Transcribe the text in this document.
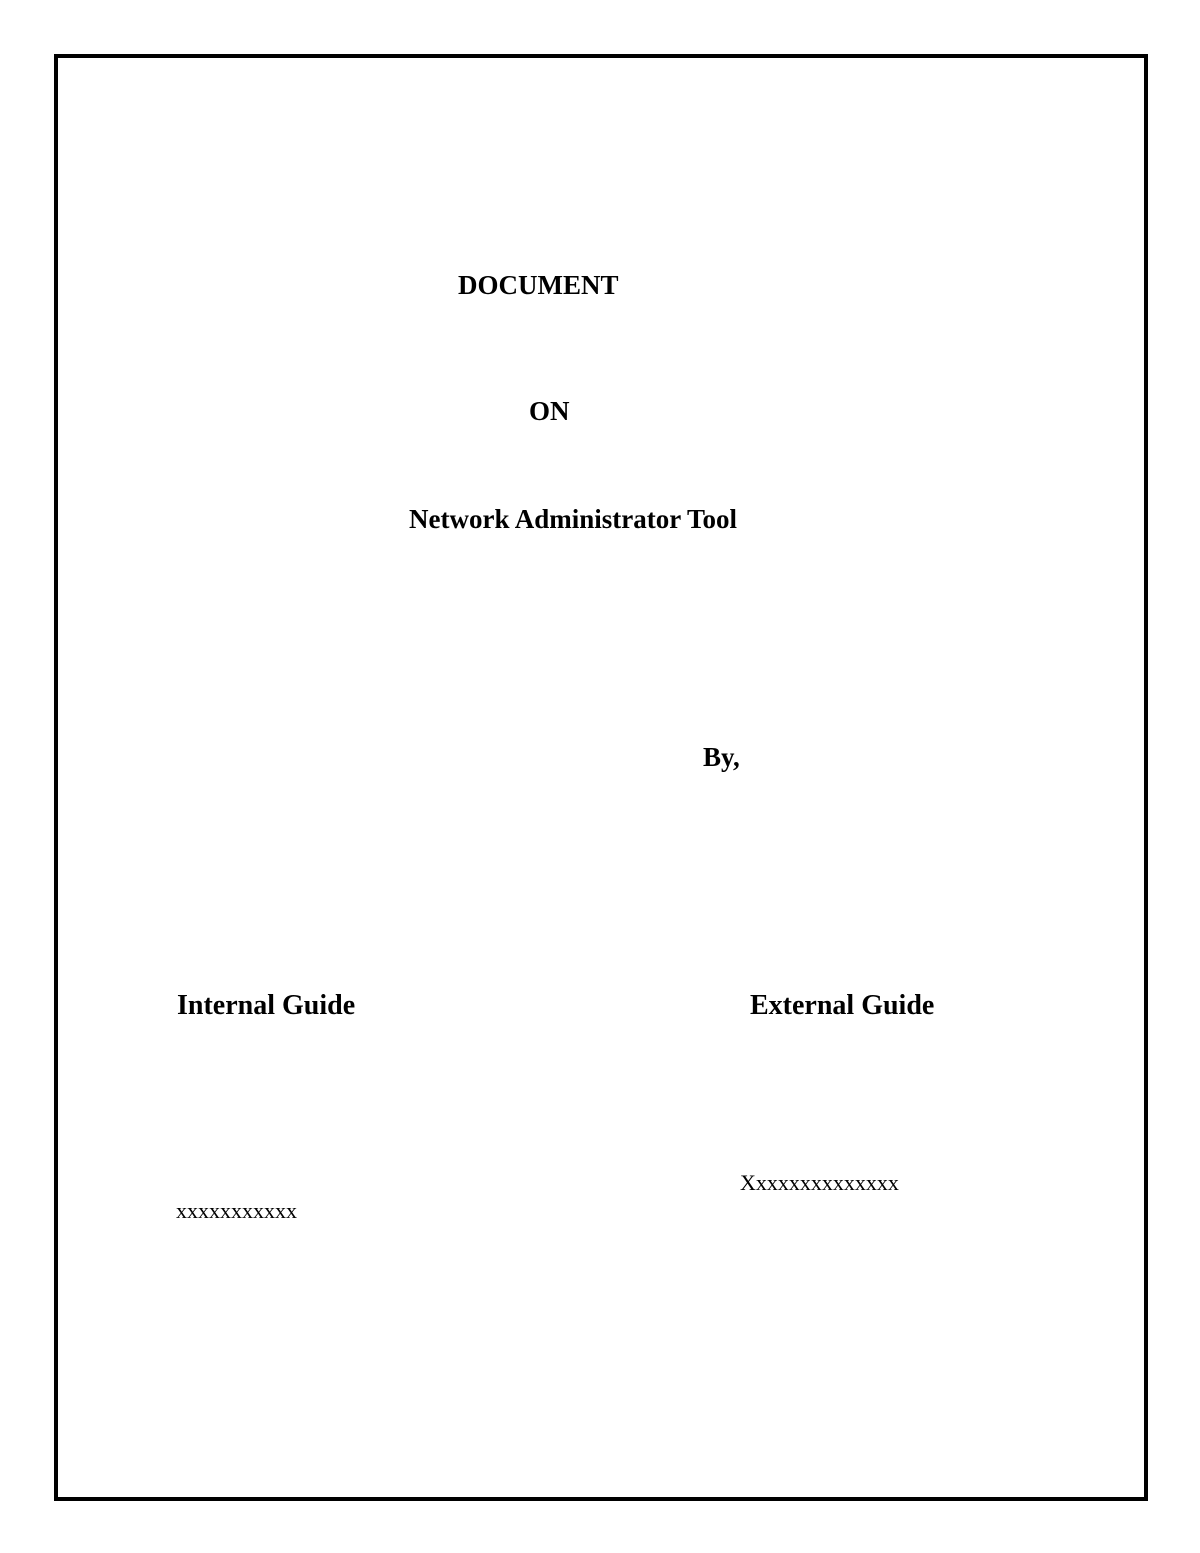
DOCUMENT
ON
Network Administrator Tool
By,
Internal Guide	External Guide
Xxxxxxxxxxxxxx
xxxxxxxxxxx
